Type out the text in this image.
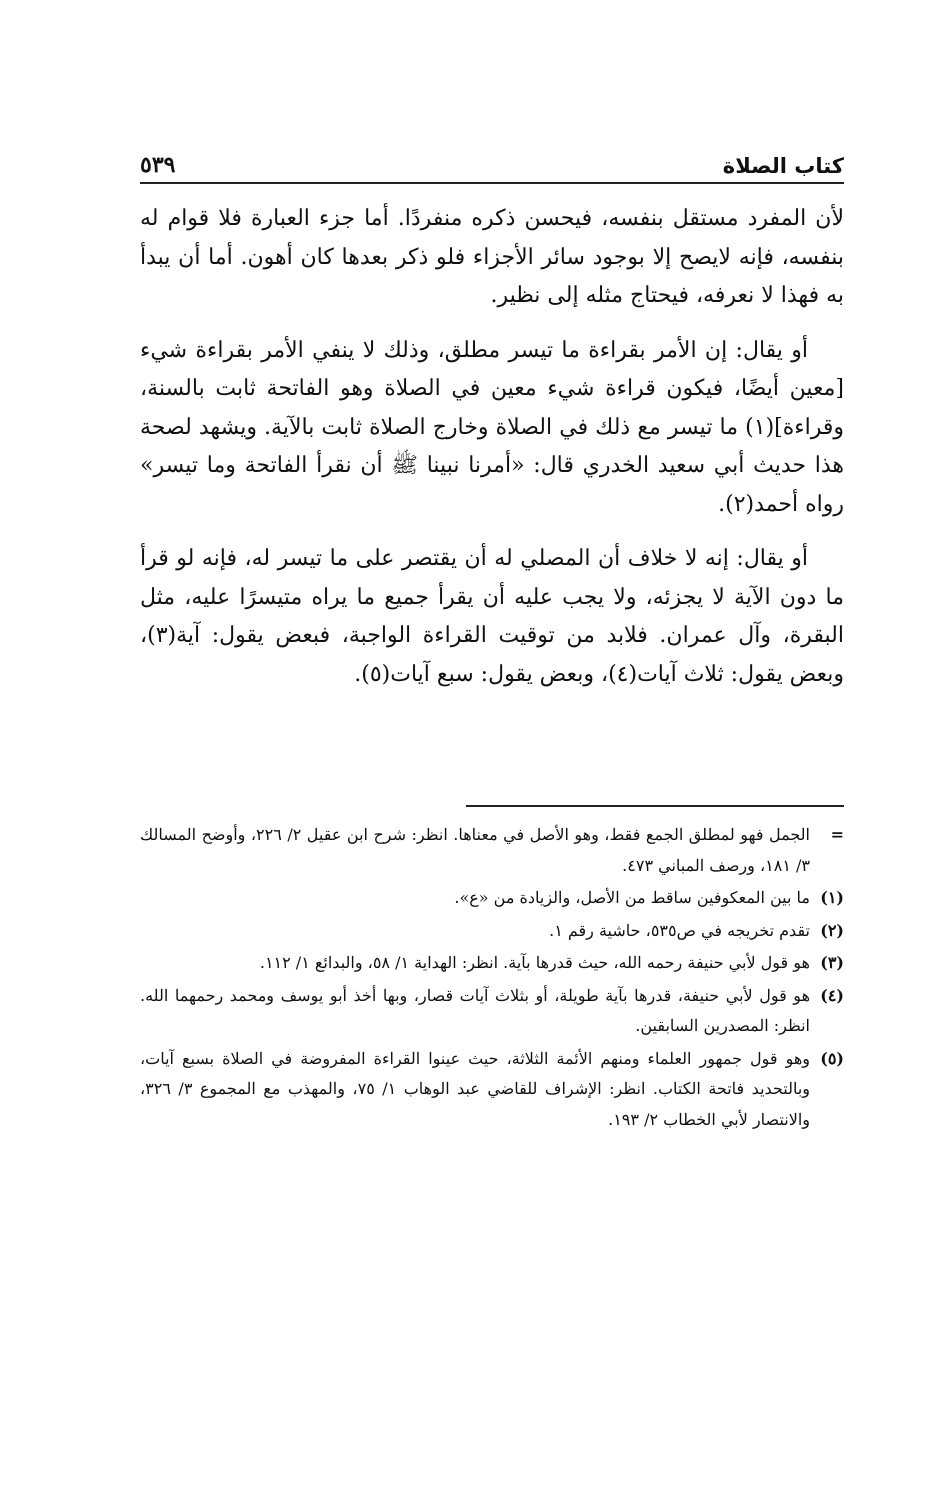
كتاب الصلاة
٥٣٩

لأن المفرد مستقل بنفسه، فيحسن ذكره منفردًا. أما جزء العبارة فلا قوام له بنفسه، فإنه لايصح إلا بوجود سائر الأجزاء فلو ذكر بعدها كان أهون. أما أن يبدأ به فهذا لا نعرفه، فيحتاج مثله إلى نظير.

أو يقال: إن الأمر بقراءة ما تيسر مطلق، وذلك لا ينفي الأمر بقراءة شيء [معين أيضًا، فيكون قراءة شيء معين في الصلاة وهو الفاتحة ثابت بالسنة، وقراءة](١) ما تيسر مع ذلك في الصلاة وخارج الصلاة ثابت بالآية. ويشهد لصحة هذا حديث أبي سعيد الخدري قال: «أمرنا نبينا ﷺ أن نقرأ الفاتحة وما تيسر» رواه أحمد(٢).

أو يقال: إنه لا خلاف أن المصلي له أن يقتصر على ما تيسر له، فإنه لو قرأ ما دون الآية لا يجزئه، ولا يجب عليه أن يقرأ جميع ما يراه متيسرًا عليه، مثل البقرة، وآل عمران. فلابد من توقيت القراءة الواجبة، فبعض يقول: آية(٣)، وبعض يقول: ثلاث آيات(٤)، وبعض يقول: سبع آيات(٥).

=
الجمل فهو لمطلق الجمع فقط، وهو الأصل في معناها. انظر: شرح ابن عقيل ٢/ ٢٢٦، وأوضح المسالك ٣/ ١٨١، ورصف المباني ٤٧٣.
(١)
ما بين المعكوفين ساقط من الأصل، والزيادة من «ع».
(٢)
تقدم تخريجه في ص٥٣٥، حاشية رقم ١.
(٣)
هو قول لأبي حنيفة رحمه الله، حيث قدرها بآية. انظر: الهداية ١/ ٥٨، والبدائع ١/ ١١٢.
(٤)
هو قول لأبي حنيفة، قدرها بآية طويلة، أو بثلاث آيات قصار، وبها أخذ أبو يوسف ومحمد رحمهما الله. انظر: المصدرين السابقين.
(٥)
وهو قول جمهور العلماء ومنهم الأئمة الثلاثة، حيث عينوا القراءة المفروضة في الصلاة بسبع آيات، وبالتحديد فاتحة الكتاب. انظر: الإشراف للقاضي عبد الوهاب ١/ ٧٥، والمهذب مع المجموع ٣/ ٣٢٦، والانتصار لأبي الخطاب ٢/ ١٩٣.
